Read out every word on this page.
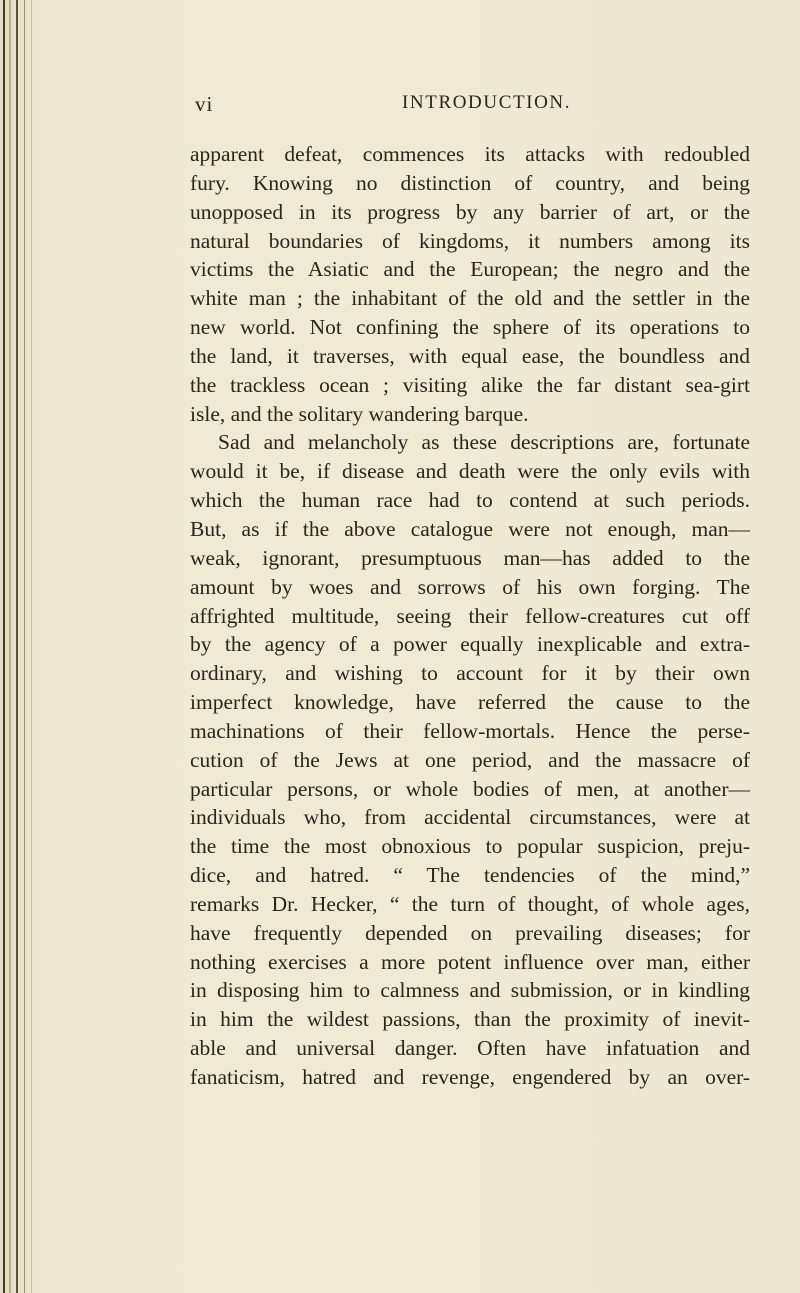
vi	INTRODUCTION.
apparent defeat, commences its attacks with redoubled
fury. Knowing no distinction of country, and being
unopposed in its progress by any barrier of art, or the
natural boundaries of kingdoms, it numbers among its
victims the Asiatic and the European; the negro and the
white man ; the inhabitant of the old and the settler in the
new world. Not confining the sphere of its operations to
the land, it traverses, with equal ease, the boundless and
the trackless ocean ; visiting alike the far distant sea-girt
isle, and the solitary wandering barque.
Sad and melancholy as these descriptions are, fortunate
would it be, if disease and death were the only evils with
which the human race had to contend at such periods.
But, as if the above catalogue were not enough, man—
weak, ignorant, presumptuous man—has added to the
amount by woes and sorrows of his own forging. The
affrighted multitude, seeing their fellow-creatures cut off
by the agency of a power equally inexplicable and extra-
ordinary, and wishing to account for it by their own
imperfect knowledge, have referred the cause to the
machinations of their fellow-mortals. Hence the perse-
cution of the Jews at one period, and the massacre of
particular persons, or whole bodies of men, at another—
individuals who, from accidental circumstances, were at
the time the most obnoxious to popular suspicion, preju-
dice, and hatred. “ The tendencies of the mind,”
remarks Dr. Hecker, “ the turn of thought, of whole ages,
have frequently depended on prevailing diseases; for
nothing exercises a more potent influence over man, either
in disposing him to calmness and submission, or in kindling
in him the wildest passions, than the proximity of inevit-
able and universal danger. Often have infatuation and
fanaticism, hatred and revenge, engendered by an over-
